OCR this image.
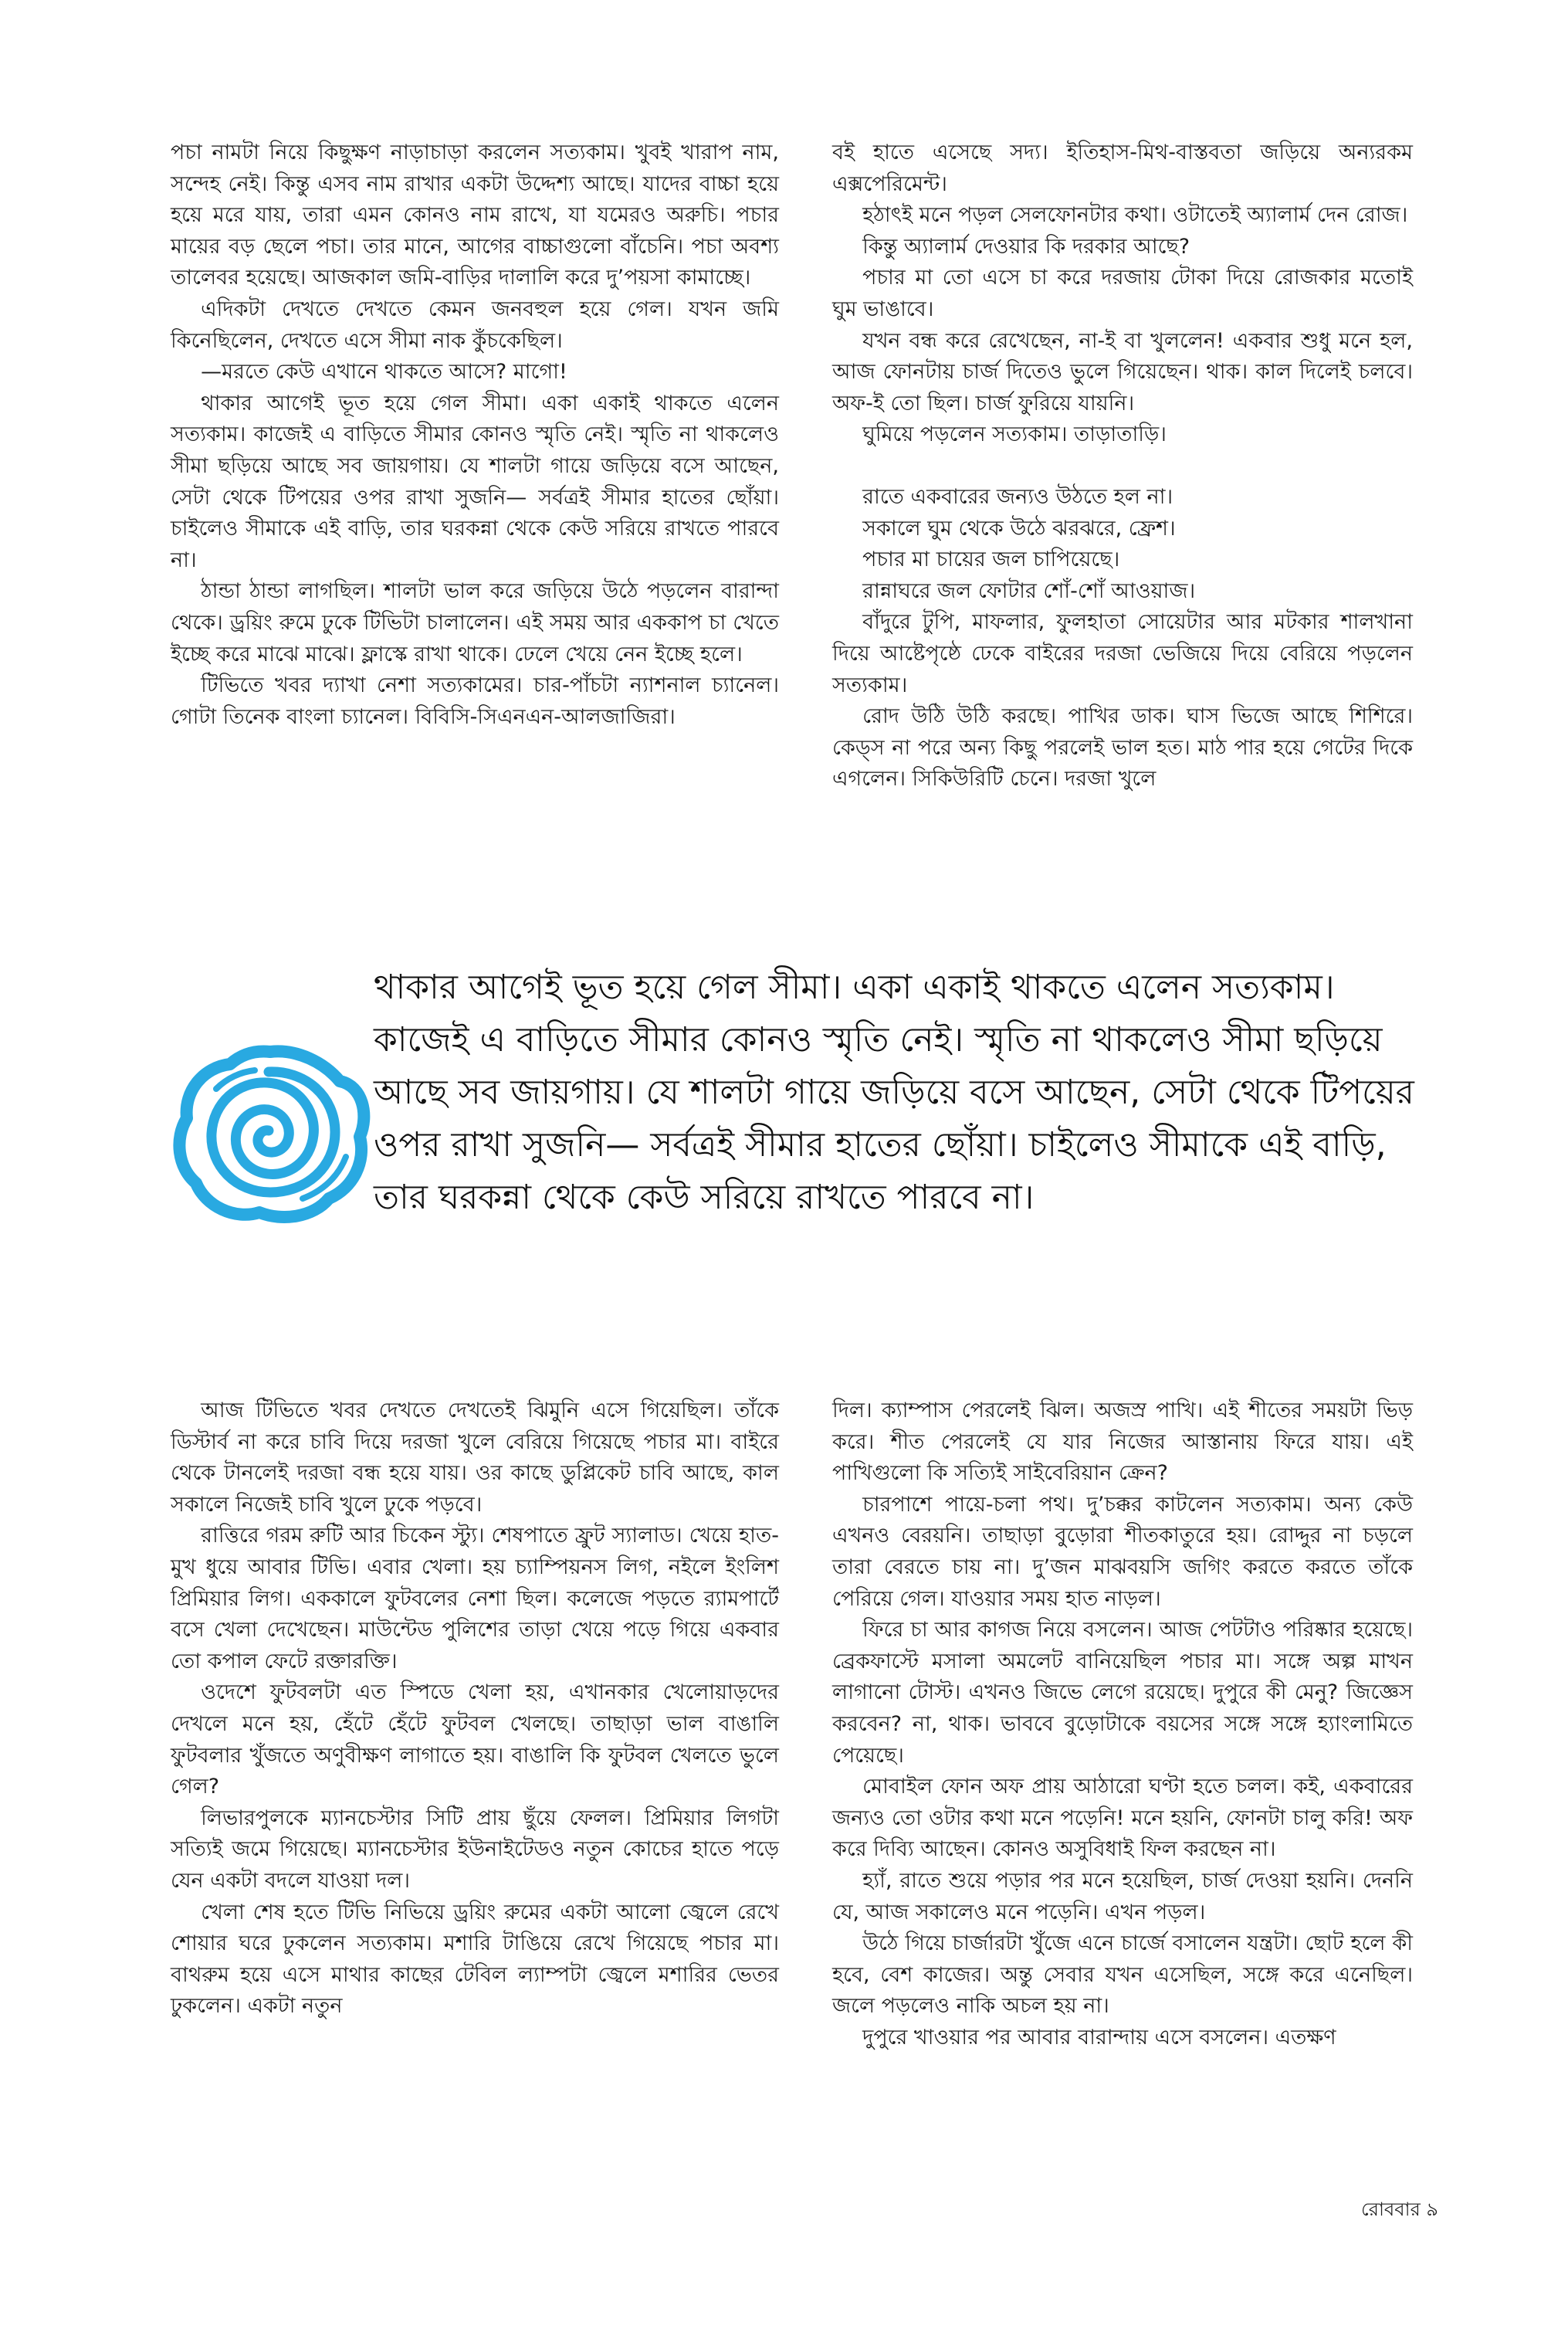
পচা নামটা নিয়ে কিছুক্ষণ নাড়াচাড়া করলেন সত্যকাম। খুবই খারাপ নাম, সন্দেহ নেই। কিন্তু এসব নাম রাখার একটা উদ্দেশ্য আছে। যাদের বাচ্চা হয়ে হয়ে মরে যায়, তারা এমন কোনও নাম রাখে, যা যমেরও অরুচি। পচার মায়ের বড় ছেলে পচা। তার মানে, আগের বাচ্চাগুলো বাঁচেনি। পচা অবশ্য তালেবর হয়েছে। আজকাল জমি-বাড়ির দালালি করে দু’পয়সা কামাচ্ছে।

এদিকটা দেখতে দেখতে কেমন জনবহুল হয়ে গেল। যখন জমি কিনেছিলেন, দেখতে এসে সীমা নাক কুঁচকেছিল।

—মরতে কেউ এখানে থাকতে আসে? মাগো!

থাকার আগেই ভূত হয়ে গেল সীমা। একা একাই থাকতে এলেন সত্যকাম। কাজেই এ বাড়িতে সীমার কোনও স্মৃতি নেই। স্মৃতি না থাকলেও সীমা ছড়িয়ে আছে সব জায়গায়। যে শালটা গায়ে জড়িয়ে বসে আছেন, সেটা থেকে টিপয়ের ওপর রাখা সুজনি— সর্বত্রই সীমার হাতের ছোঁয়া। চাইলেও সীমাকে এই বাড়ি, তার ঘরকন্না থেকে কেউ সরিয়ে রাখতে পারবে না।

ঠান্ডা ঠান্ডা লাগছিল। শালটা ভাল করে জড়িয়ে উঠে পড়লেন বারান্দা থেকে। ড্রয়িং রুমে ঢুকে টিভিটা চালালেন। এই সময় আর এককাপ চা খেতে ইচ্ছে করে মাঝে মাঝে। ফ্লাস্কে রাখা থাকে। ঢেলে খেয়ে নেন ইচ্ছে হলে।

টিভিতে খবর দ্যাখা নেশা সত্যকামের। চার-পাঁচটা ন্যাশনাল চ্যানেল। গোটা তিনেক বাংলা চ্যানেল। বিবিসি-সিএনএন-আলজাজিরা।

বই হাতে এসেছে সদ্য। ইতিহাস-মিথ-বাস্তবতা জড়িয়ে অন্যরকম এক্সপেরিমেন্ট।

হঠাৎই মনে পড়ল সেলফোনটার কথা। ওটাতেই অ্যালার্ম দেন রোজ।

কিন্তু অ্যালার্ম দেওয়ার কি দরকার আছে?

পচার মা তো এসে চা করে দরজায় টোকা দিয়ে রোজকার মতোই ঘুম ভাঙাবে।

যখন বন্ধ করে রেখেছেন, না-ই বা খুললেন! একবার শুধু মনে হল, আজ ফোনটায় চার্জ দিতেও ভুলে গিয়েছেন। থাক। কাল দিলেই চলবে। অফ-ই তো ছিল। চার্জ ফুরিয়ে যায়নি।

ঘুমিয়ে পড়লেন সত্যকাম। তাড়াতাড়ি।

রাতে একবারের জন্যও উঠতে হল না।

সকালে ঘুম থেকে উঠে ঝরঝরে, ফ্রেশ।

পচার মা চায়ের জল চাপিয়েছে।

রান্নাঘরে জল ফোটার শোঁ-শোঁ আওয়াজ।

বাঁদুরে টুপি, মাফলার, ফুলহাতা সোয়েটার আর মটকার শালখানা দিয়ে আষ্টেপৃষ্ঠে ঢেকে বাইরের দরজা ভেজিয়ে দিয়ে বেরিয়ে পড়লেন সত্যকাম।

রোদ উঠি উঠি করছে। পাখির ডাক। ঘাস ভিজে আছে শিশিরে। কেড্‌স না পরে অন্য কিছু পরলেই ভাল হত। মাঠ পার হয়ে গেটের দিকে এগলেন। সিকিউরিটি চেনে। দরজা খুলে

থাকার আগেই ভূত হয়ে গেল সীমা। একা একাই থাকতে এলেন সত্যকাম। কাজেই এ বাড়িতে সীমার কোনও স্মৃতি নেই। স্মৃতি না থাকলেও সীমা ছড়িয়ে আছে সব জায়গায়। যে শালটা গায়ে জড়িয়ে বসে আছেন, সেটা থেকে টিপয়ের ওপর রাখা সুজনি— সর্বত্রই সীমার হাতের ছোঁয়া। চাইলেও সীমাকে এই বাড়ি, তার ঘরকন্না থেকে কেউ সরিয়ে রাখতে পারবে না।

আজ টিভিতে খবর দেখতে দেখতেই ঝিমুনি এসে গিয়েছিল। তাঁকে ডিস্টার্ব না করে চাবি দিয়ে দরজা খুলে বেরিয়ে গিয়েছে পচার মা। বাইরে থেকে টানলেই দরজা বন্ধ হয়ে যায়। ওর কাছে ডুপ্লিকেট চাবি আছে, কাল সকালে নিজেই চাবি খুলে ঢুকে পড়বে।

রাত্তিরে গরম রুটি আর চিকেন স্ট্যু। শেষপাতে ফ্রুট স্যালাড। খেয়ে হাত-মুখ ধুয়ে আবার টিভি। এবার খেলা। হয় চ্যাম্পিয়নস লিগ, নইলে ইংলিশ প্রিমিয়ার লিগ। এককালে ফুটবলের নেশা ছিল। কলেজে পড়তে র‍্যামপার্টে বসে খেলা দেখেছেন। মাউন্টেড পুলিশের তাড়া খেয়ে পড়ে গিয়ে একবার তো কপাল ফেটে রক্তারক্তি।

ওদেশে ফুটবলটা এত স্পিডে খেলা হয়, এখানকার খেলোয়াড়দের দেখলে মনে হয়, হেঁটে হেঁটে ফুটবল খেলছে। তাছাড়া ভাল বাঙালি ফুটবলার খুঁজতে অণুবীক্ষণ লাগাতে হয়। বাঙালি কি ফুটবল খেলতে ভুলে গেল?

লিভারপুলকে ম্যানচেস্টার সিটি প্রায় ছুঁয়ে ফেলল। প্রিমিয়ার লিগটা সত্যিই জমে গিয়েছে। ম্যানচেস্টার ইউনাইটেডও নতুন কোচের হাতে পড়ে যেন একটা বদলে যাওয়া দল।

খেলা শেষ হতে টিভি নিভিয়ে ড্রয়িং রুমের একটা আলো জ্বেলে রেখে শোয়ার ঘরে ঢুকলেন সত্যকাম। মশারি টাঙিয়ে রেখে গিয়েছে পচার মা। বাথরুম হয়ে এসে মাথার কাছের টেবিল ল্যাম্পটা জ্বেলে মশারির ভেতর ঢুকলেন। একটা নতুন

দিল। ক্যাম্পাস পেরলেই ঝিল। অজস্র পাখি। এই শীতের সময়টা ভিড় করে। শীত পেরলেই যে যার নিজের আস্তানায় ফিরে যায়। এই পাখিগুলো কি সত্যিই সাইবেরিয়ান ক্রেন?

চারপাশে পায়ে-চলা পথ। দু’চক্কর কাটলেন সত্যকাম। অন্য কেউ এখনও বেরয়নি। তাছাড়া বুড়োরা শীতকাতুরে হয়। রোদ্দুর না চড়লে তারা বেরতে চায় না। দু’জন মাঝবয়সি জগিং করতে করতে তাঁকে পেরিয়ে গেল। যাওয়ার সময় হাত নাড়ল।

ফিরে চা আর কাগজ নিয়ে বসলেন। আজ পেটটাও পরিষ্কার হয়েছে। ব্রেকফাস্টে মসালা অমলেট বানিয়েছিল পচার মা। সঙ্গে অল্প মাখন লাগানো টোস্ট। এখনও জিভে লেগে রয়েছে। দুপুরে কী মেনু? জিজ্ঞেস করবেন? না, থাক। ভাববে বুড়োটাকে বয়সের সঙ্গে সঙ্গে হ্যাংলামিতে পেয়েছে।

মোবাইল ফোন অফ প্রায় আঠারো ঘণ্টা হতে চলল। কই, একবারের জন্যও তো ওটার কথা মনে পড়েনি! মনে হয়নি, ফোনটা চালু করি! অফ করে দিব্যি আছেন। কোনও অসুবিধাই ফিল করছেন না।

হ্যাঁ, রাতে শুয়ে পড়ার পর মনে হয়েছিল, চার্জ দেওয়া হয়নি। দেননি যে, আজ সকালেও মনে পড়েনি। এখন পড়ল।

উঠে গিয়ে চার্জারটা খুঁজে এনে চার্জে বসালেন যন্ত্রটা। ছোট হলে কী হবে, বেশ কাজের। অন্তু সেবার যখন এসেছিল, সঙ্গে করে এনেছিল। জলে পড়লেও নাকি অচল হয় না।

দুপুরে খাওয়ার পর আবার বারান্দায় এসে বসলেন। এতক্ষণ

রোববার ৯
